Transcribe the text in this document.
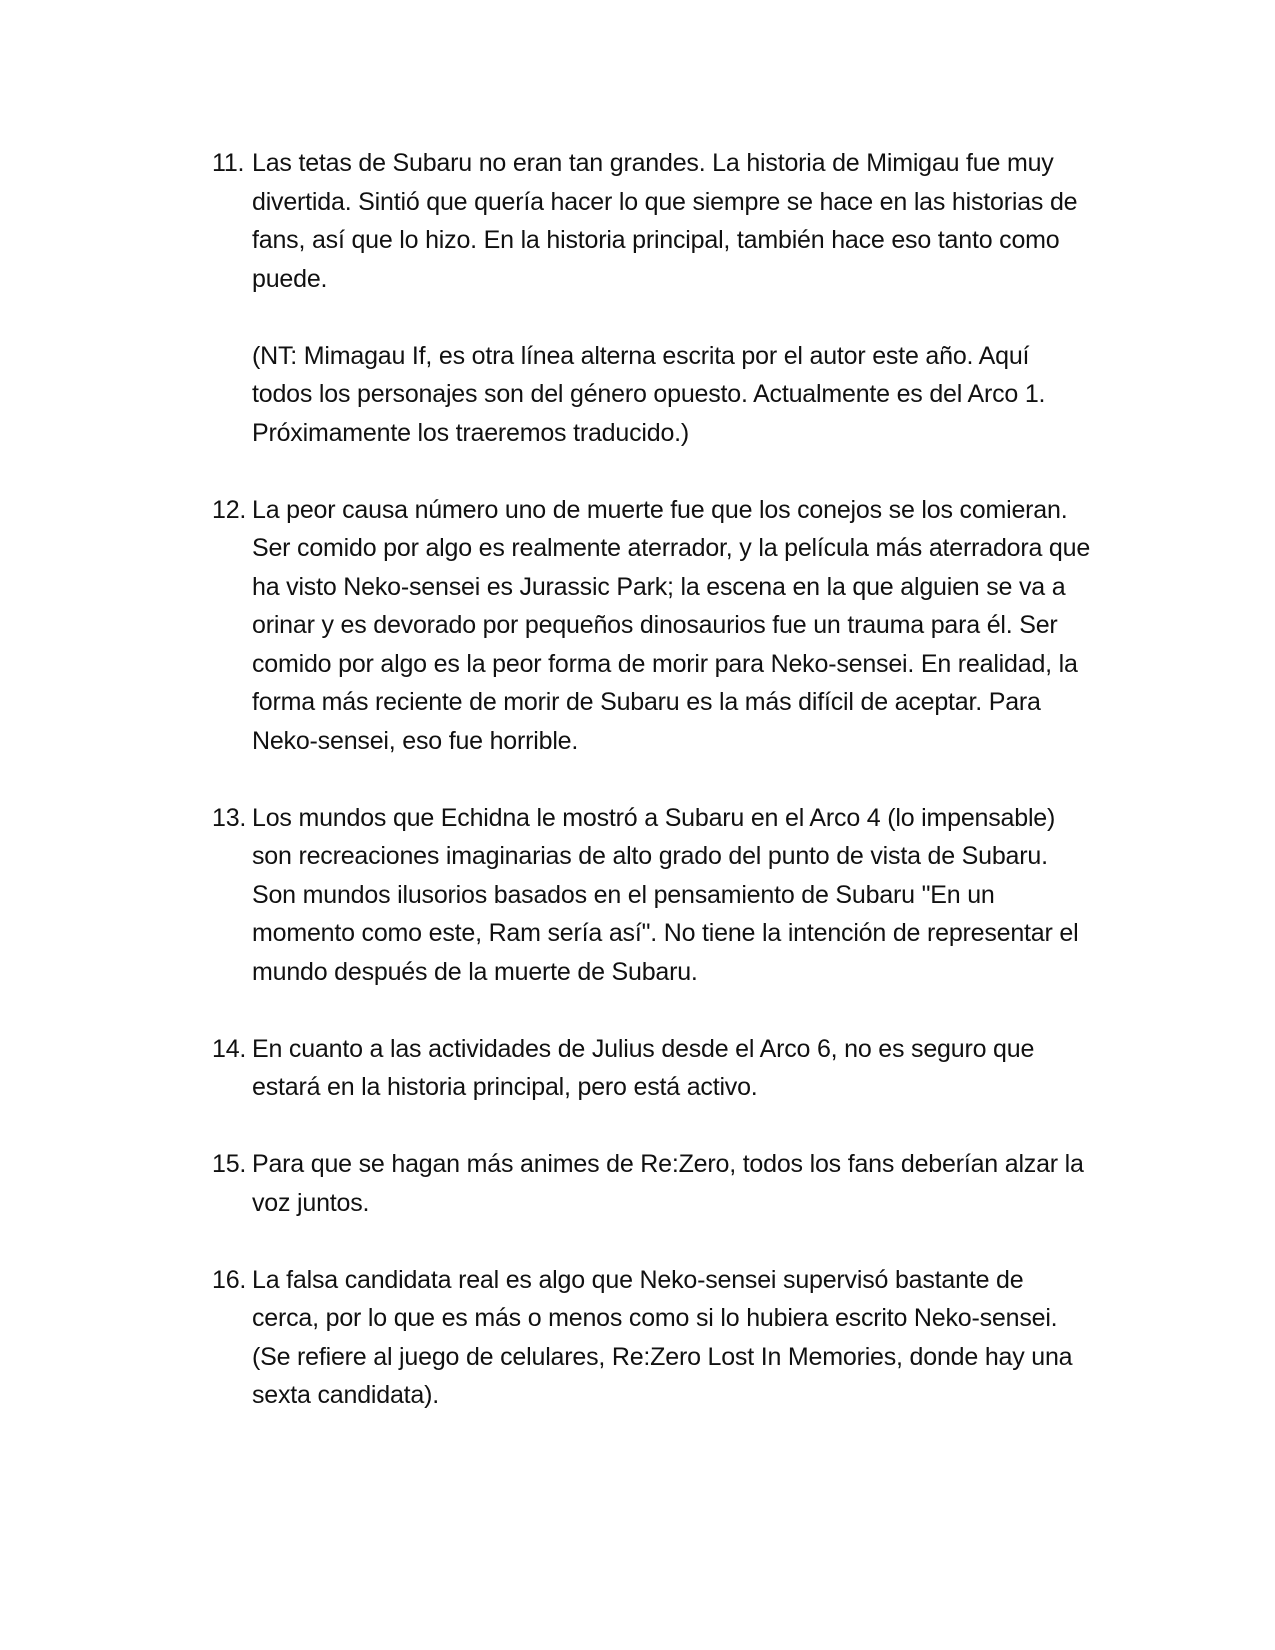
11. Las tetas de Subaru no eran tan grandes. La historia de Mimigau fue muy divertida. Sintió que quería hacer lo que siempre se hace en las historias de fans, así que lo hizo. En la historia principal, también hace eso tanto como puede.

(NT: Mimagau If, es otra línea alterna escrita por el autor este año. Aquí todos los personajes son del género opuesto. Actualmente es del Arco 1. Próximamente los traeremos traducido.)

12. La peor causa número uno de muerte fue que los conejos se los comieran. Ser comido por algo es realmente aterrador, y la película más aterradora que ha visto Neko-sensei es Jurassic Park; la escena en la que alguien se va a orinar y es devorado por pequeños dinosaurios fue un trauma para él. Ser comido por algo es la peor forma de morir para Neko-sensei. En realidad, la forma más reciente de morir de Subaru es la más difícil de aceptar. Para Neko-sensei, eso fue horrible.

13. Los mundos que Echidna le mostró a Subaru en el Arco 4 (lo impensable) son recreaciones imaginarias de alto grado del punto de vista de Subaru. Son mundos ilusorios basados en el pensamiento de Subaru "En un momento como este, Ram sería así". No tiene la intención de representar el mundo después de la muerte de Subaru.

14. En cuanto a las actividades de Julius desde el Arco 6, no es seguro que estará en la historia principal, pero está activo.

15. Para que se hagan más animes de Re:Zero, todos los fans deberían alzar la voz juntos.

16. La falsa candidata real es algo que Neko-sensei supervisó bastante de cerca, por lo que es más o menos como si lo hubiera escrito Neko-sensei. (Se refiere al juego de celulares, Re:Zero Lost In Memories, donde hay una sexta candidata).
